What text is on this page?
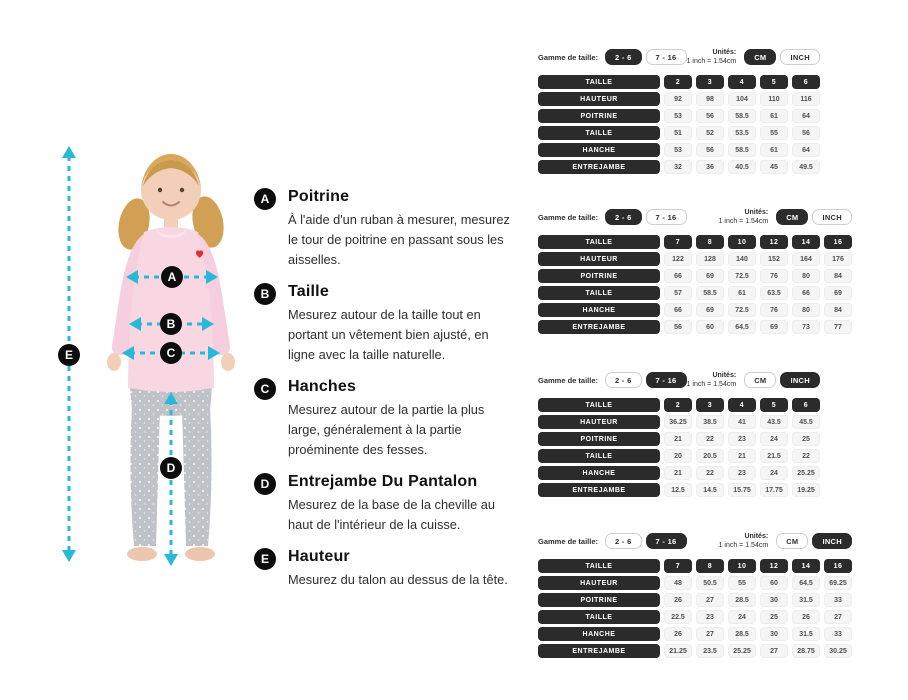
A
B
C
D
E
A Poitrine

À l'aide d'un ruban à mesurer, mesurez le tour de poitrine en passant sous les aisselles.

B Taille

Mesurez autour de la taille tout en portant un vêtement bien ajusté, en ligne avec la taille naturelle.

C Hanches

Mesurez autour de la partie la plus large, généralement à la partie proéminente des fesses.

D Entrejambe Du Pantalon

Mesurez de la base de la cheville au haut de l'intérieur de la cuisse.

E Hauteur

Mesurez du talon au dessus de la tête.

Gamme de taille:	2 - 6	7 - 16	Unités:
1 inch = 1.54cm	CM	INCH
TAILLE	2	3	4	5	6
HAUTEUR	92	98	104	110	116
POITRINE	53	56	58.5	61	64
TAILLE	51	52	53.5	55	56
HANCHE	53	56	58.5	61	64
ENTREJAMBE	32	36	40.5	45	49.5
Gamme de taille:	2 - 6	7 - 16	Unités:
1 inch = 1.54cm	CM	INCH
TAILLE	7	8	10	12	14	16
HAUTEUR	122	128	140	152	164	176
POITRINE	66	69	72.5	76	80	84
TAILLE	57	58.5	61	63.5	66	69
HANCHE	66	69	72.5	76	80	84
ENTREJAMBE	56	60	64.5	69	73	77
Gamme de taille:	2 - 6	7 - 16	Unités:
1 inch = 1.54cm	CM	INCH
TAILLE	2	3	4	5	6
HAUTEUR	36.25	38.5	41	43.5	45.5
POITRINE	21	22	23	24	25
TAILLE	20	20.5	21	21.5	22
HANCHE	21	22	23	24	25.25
ENTREJAMBE	12.5	14.5	15.75	17.75	19.25
Gamme de taille:	2 - 6	7 - 16	Unités:
1 inch = 1.54cm	CM	INCH
TAILLE	7	8	10	12	14	16
HAUTEUR	48	50.5	55	60	64.5	69.25
POITRINE	26	27	28.5	30	31.5	33
TAILLE	22.5	23	24	25	26	27
HANCHE	26	27	28.5	30	31.5	33
ENTREJAMBE	21.25	23.5	25.25	27	28.75	30.25
